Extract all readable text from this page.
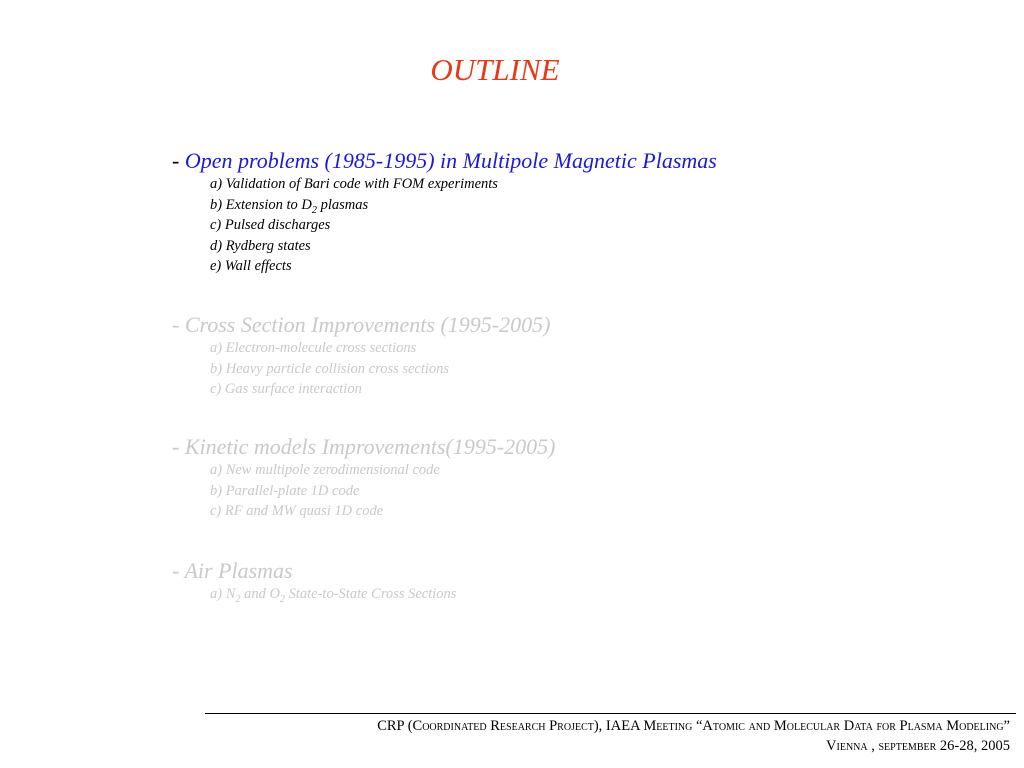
OUTLINE
- Open problems (1985-1995) in Multipole Magnetic Plasmas
a) Validation of Bari code with FOM experiments
b) Extension to $D_2$ plasmas
c) Pulsed discharges
d) Rydberg states
e) Wall effects
- Cross Section Improvements (1995-2005)
a) Electron-molecule cross sections
b) Heavy particle collision cross sections
c) Gas surface interaction
- Kinetic models Improvements(1995-2005)
a) New multipole zerodimensional code
b) Parallel-plate 1D code
c) RF and MW quasi 1D code
- Air Plasmas
a) $N_2$ and $O_2$ State-to-State Cross Sections
CRP (Coordinated Research Project), IAEA Meeting “Atomic and Molecular Data for Plasma Modeling”
Vienna , september 26-28, 2005
